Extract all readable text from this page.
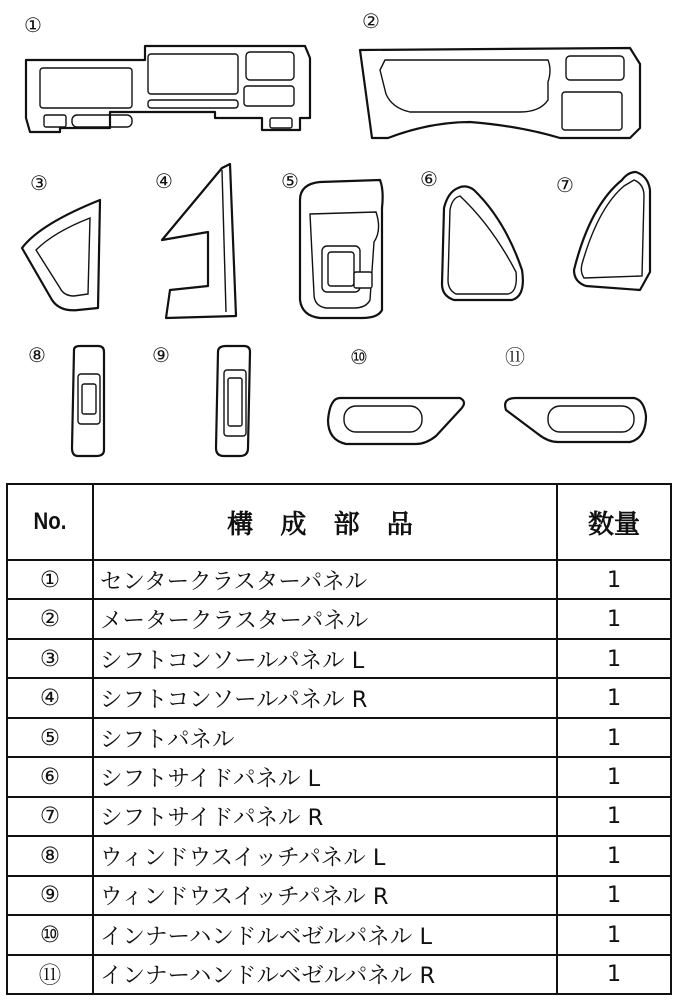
①	②
③	④	⑤	⑥	⑦
⑧	⑨	⑩	⑪
No.	構 成 部 品	数量
①	センタークラスターパネル	1
②	メータークラスターパネル	1
③	シフトコンソールパネル L	1
④	シフトコンソールパネル R	1
⑤	シフトパネル	1
⑥	シフトサイドパネル L	1
⑦	シフトサイドパネル R	1
⑧	ウィンドウスイッチパネル L	1
⑨	ウィンドウスイッチパネル R	1
⑩	インナーハンドルベゼルパネル L	1
⑪	インナーハンドルベゼルパネル R	1
